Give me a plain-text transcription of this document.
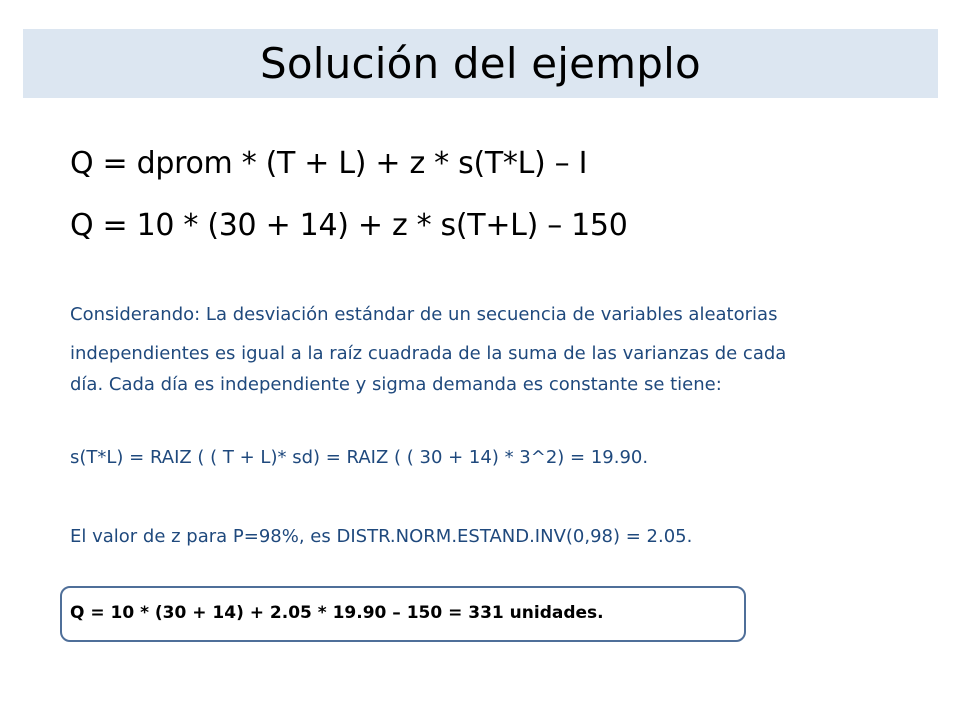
Solución del ejemplo
Q = dprom * (T + L) + z * s(T*L) – I
Q = 10 * (30 + 14) + z * s(T+L) – 150
Considerando: La desviación estándar de un secuencia de variables aleatorias
independientes es igual a la raíz cuadrada de la suma de las varianzas de cada
día. Cada día es independiente y sigma demanda es constante se tiene:
s(T*L) = RAIZ ( ( T + L)* sd) = RAIZ ( ( 30 + 14) * 3^2) = 19.90.
El valor de z para P=98%, es DISTR.NORM.ESTAND.INV(0,98) = 2.05.
Q = 10 * (30 + 14) + 2.05 * 19.90 – 150 = 331 unidades.
